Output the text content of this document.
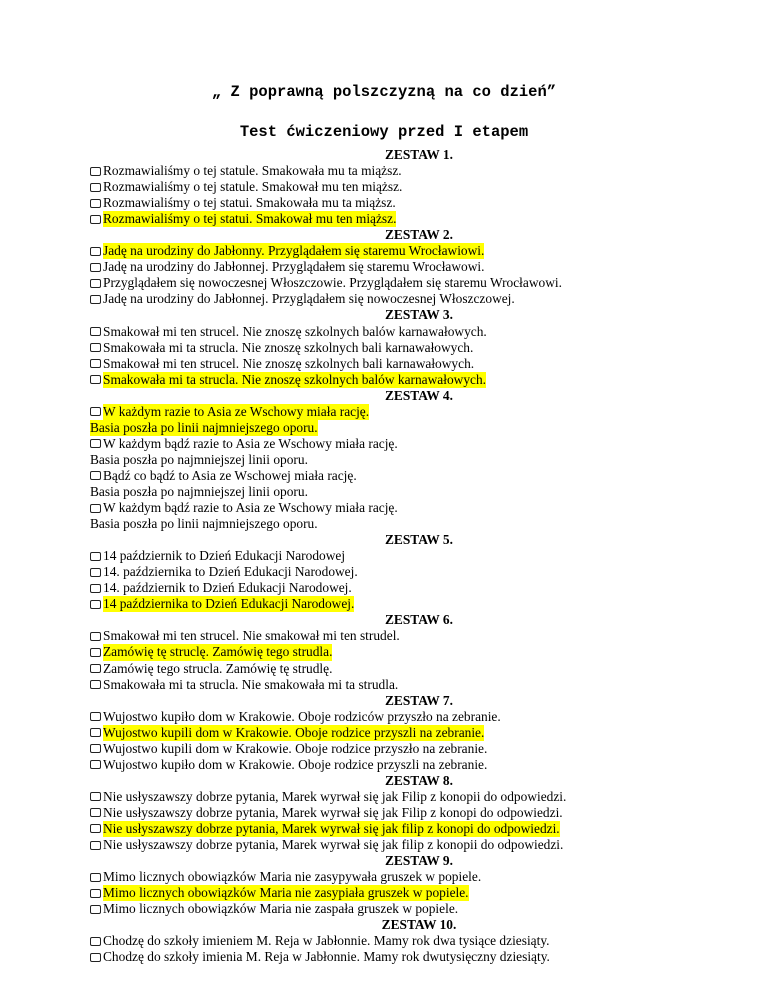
„ Z poprawną polszczyzną na co dzień”
Test ćwiczeniowy przed I etapem
ZESTAW 1.
Rozmawialiśmy o tej statule. Smakowała mu ta miąższ.
Rozmawialiśmy o tej statule. Smakował mu ten miąższ.
Rozmawialiśmy o tej statui. Smakowała mu ta miąższ.
Rozmawialiśmy o tej statui. Smakował mu ten miąższ.
ZESTAW 2.
Jadę na urodziny do Jabłonny. Przyglądałem się staremu Wrocławiowi.
Jadę na urodziny do Jabłonnej. Przyglądałem się staremu Wrocławowi.
Przyglądałem się nowoczesnej Włoszczowie. Przyglądałem się staremu Wrocławowi.
Jadę na urodziny do Jabłonnej. Przyglądałem się nowoczesnej Włoszczowej.
ZESTAW 3.
Smakował mi ten strucel. Nie znoszę szkolnych balów karnawałowych.
Smakowała mi ta strucla. Nie znoszę szkolnych bali karnawałowych.
Smakował mi ten strucel. Nie znoszę szkolnych bali karnawałowych.
Smakowała mi ta strucla. Nie znoszę szkolnych balów karnawałowych.
ZESTAW 4.
W każdym razie to Asia ze Wschowy miała rację.
Basia poszła po linii najmniejszego oporu.
W każdym bądź razie to Asia ze Wschowy miała rację.
Basia poszła po najmniejszej linii oporu.
Bądź co bądź to Asia ze Wschowej miała rację.
Basia poszła po najmniejszej linii oporu.
W każdym bądź razie to Asia ze Wschowy miała rację.
Basia poszła po linii najmniejszego oporu.
ZESTAW 5.
14 październik to Dzień Edukacji Narodowej
14. października to Dzień Edukacji Narodowej.
14. październik to Dzień Edukacji Narodowej.
14 października to Dzień Edukacji Narodowej.
ZESTAW 6.
Smakował mi ten strucel. Nie smakował mi ten strudel.
Zamówię tę struclę. Zamówię tego strudla.
Zamówię tego strucla. Zamówię tę strudlę.
Smakowała mi ta strucla. Nie smakowała mi ta strudla.
ZESTAW 7.
Wujostwo kupiło dom w Krakowie. Oboje rodziców przyszło na zebranie.
Wujostwo kupili dom w Krakowie. Oboje rodzice przyszli na zebranie.
Wujostwo kupili dom w Krakowie. Oboje rodzice przyszło na zebranie.
Wujostwo kupiło dom w Krakowie. Oboje rodzice przyszli na zebranie.
ZESTAW 8.
Nie usłyszawszy dobrze pytania, Marek wyrwał się jak Filip z konopii do odpowiedzi.
Nie usłyszawszy dobrze pytania, Marek wyrwał się jak Filip z konopi do odpowiedzi.
Nie usłyszawszy dobrze pytania, Marek wyrwał się jak filip z konopi do odpowiedzi.
Nie usłyszawszy dobrze pytania, Marek wyrwał się jak filip z konopii do odpowiedzi.
ZESTAW 9.
Mimo licznych obowiązków Maria nie zasypywała gruszek w popiele.
Mimo licznych obowiązków Maria nie zasypiała gruszek w popiele.
Mimo licznych obowiązków Maria nie zaspała gruszek w popiele.
ZESTAW 10.
Chodzę do szkoły imieniem M. Reja w Jabłonnie. Mamy rok dwa tysiące dziesiąty.
Chodzę do szkoły imienia M. Reja w Jabłonnie. Mamy rok dwutysięczny dziesiąty.
